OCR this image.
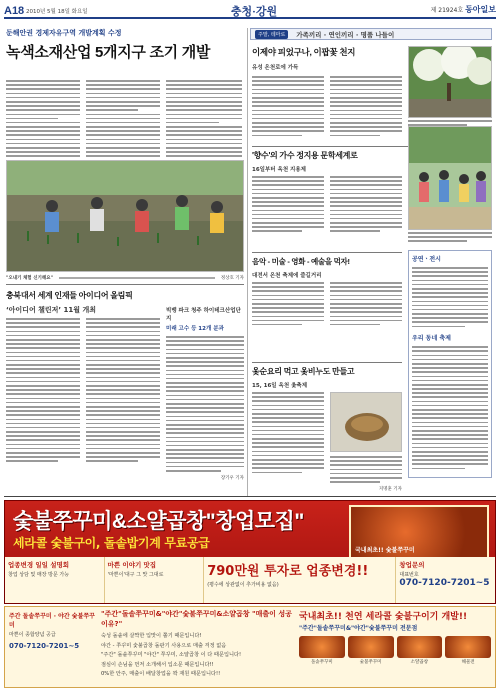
A18 2010년 5월 18일 화요일	충청·강원	제 21924호 동아일보
둔해안권 경제자유구역 개발계획 수정
녹색소재산업 5개지구 조기 개발
"오내기 체험 신기해요"	정상호 기자
충북대서 세계 인재들 아이디어 올림픽
‘아이디어 챌린저’ 11월 개최	빅뱅 파크 청주 하이테크산업단지
미래 고수 등 12개 분과
장기우 기자
주말, 테마로	가족끼리 · 연인끼리 · 명품 나들이
이제야 피었구나, 이팝꽃 천지
유성 온천로에 가득
'향수'의 가수 정지용 문학세계로
16일부터 옥천 지용제
음악 - 미술 - 영화 - 예술을 먹자!
대전서 온천 축제에 즐길거리
공연ㆍ전시
우리 동네 축제
옻순요리 먹고 옻비누도 만들고
15, 16일 옥천 옻축제
지명훈 기자
숯불쭈꾸미&소얄곱창"창업모집"
세라콜 숯불구이, 돌솥밥기계 무료공급
국내최초!! 숯불쭈꾸미
업종변경 일일 설명회
창업 상담 및 매장 방문 가능
마쁜 이야기 맛집
'마쁜이'대구 그 맛 그대로	790만원 투자로 업종변경!!
(평수에 상관없이 추가비용 없음)
창업문의
대표번호
070-7120-7201~5
주간 돌솥쭈꾸미 · 야간 숯불쭈꾸미
마쁜이 종합양념 공급
070-7120-7201~5
"주간"돌솥쭈꾸미&"야간"숯불쭈꾸미&소얄곱창 "매출이 성공이유?"
숙성 돌솥에 살짝한 입맛이 쫄기 때문입니다!
야간 - 쭈꾸미 숯불곱창 돌판기 사용으로 매출 걱정 없음
"주간" 돌솥쭈꾸미 "야간" 쭈꾸미, 소얄곱창 이 다 때문입니다!
점심이 손님을 먼저 소개해서 입소문 때문입니다!!
0%한 안주, 매출이 배달창업을 꽉 재원 때문입니다!!
국내최초!! 천연 세라콜 숯불구이기 개발!!
"주간"돌솥쭈꾸미&"야간"숯불쭈꾸미 전문점
돌솥쭈꾸미	숯불쭈꾸미	소얄곱창	해물전
